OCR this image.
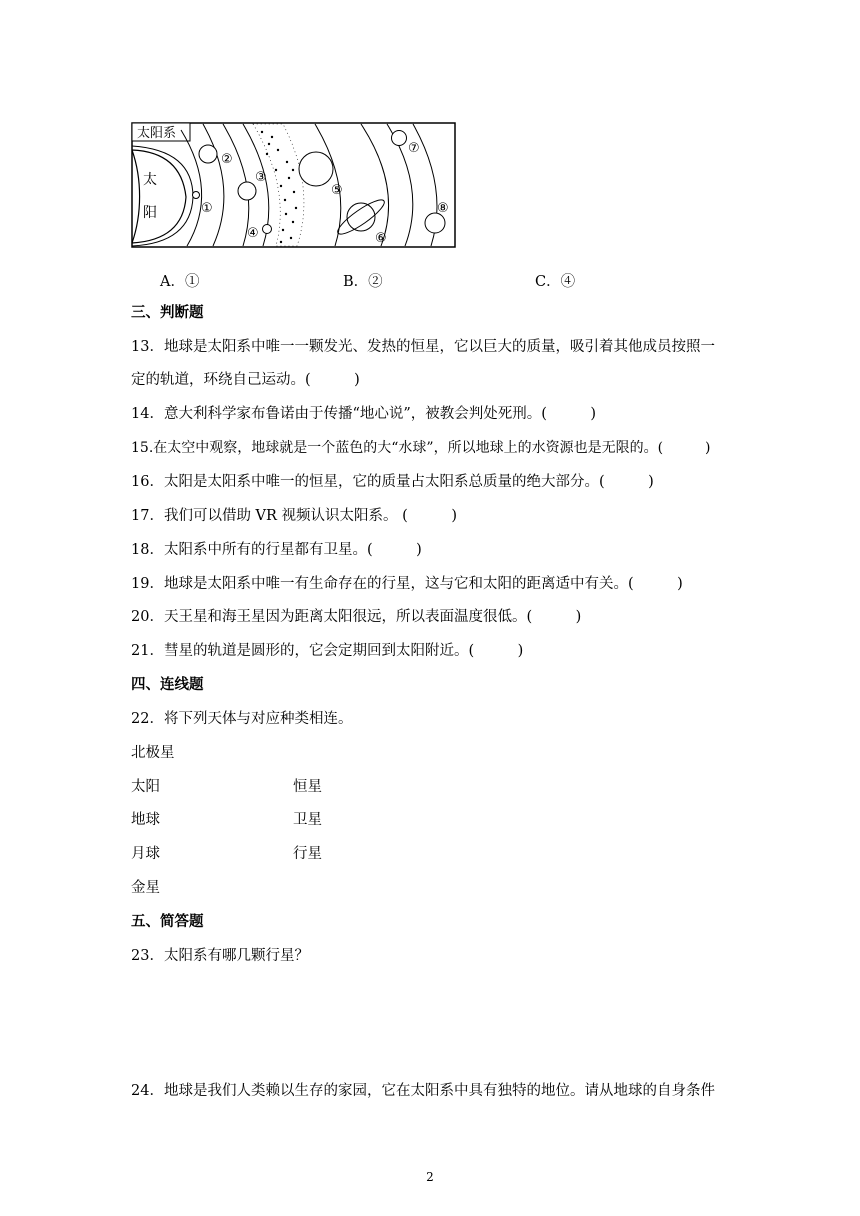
太阳系
太
阳	①
②
③
④
⑤
⑥
⑦
⑧
A．①	B．②	C．④
三、判断题
13．地球是太阳系中唯一一颗发光、发热的恒星，它以巨大的质量，吸引着其他成员按照一
定的轨道，环绕自己运动。(　　　)
14．意大利科学家布鲁诺由于传播“地心说”，被教会判处死刑。(　　　)
15.在太空中观察，地球就是一个蓝色的大“水球”，所以地球上的水资源也是无限的。(　　　)
16．太阳是太阳系中唯一的恒星，它的质量占太阳系总质量的绝大部分。(　　　)
17．我们可以借助 VR 视频认识太阳系。 (　　　)
18．太阳系中所有的行星都有卫星。(　　　)
19．地球是太阳系中唯一有生命存在的行星，这与它和太阳的距离适中有关。(　　　)
20．天王星和海王星因为距离太阳很远，所以表面温度很低。(　　　)
21．彗星的轨道是圆形的，它会定期回到太阳附近。(　　　)
四、连线题
22．将下列天体与对应种类相连。
北极星
太阳
地球
月球
金星
恒星
卫星
行星
五、简答题
23．太阳系有哪几颗行星？
24．地球是我们人类赖以生存的家园，它在太阳系中具有独特的地位。请从地球的自身条件
2
